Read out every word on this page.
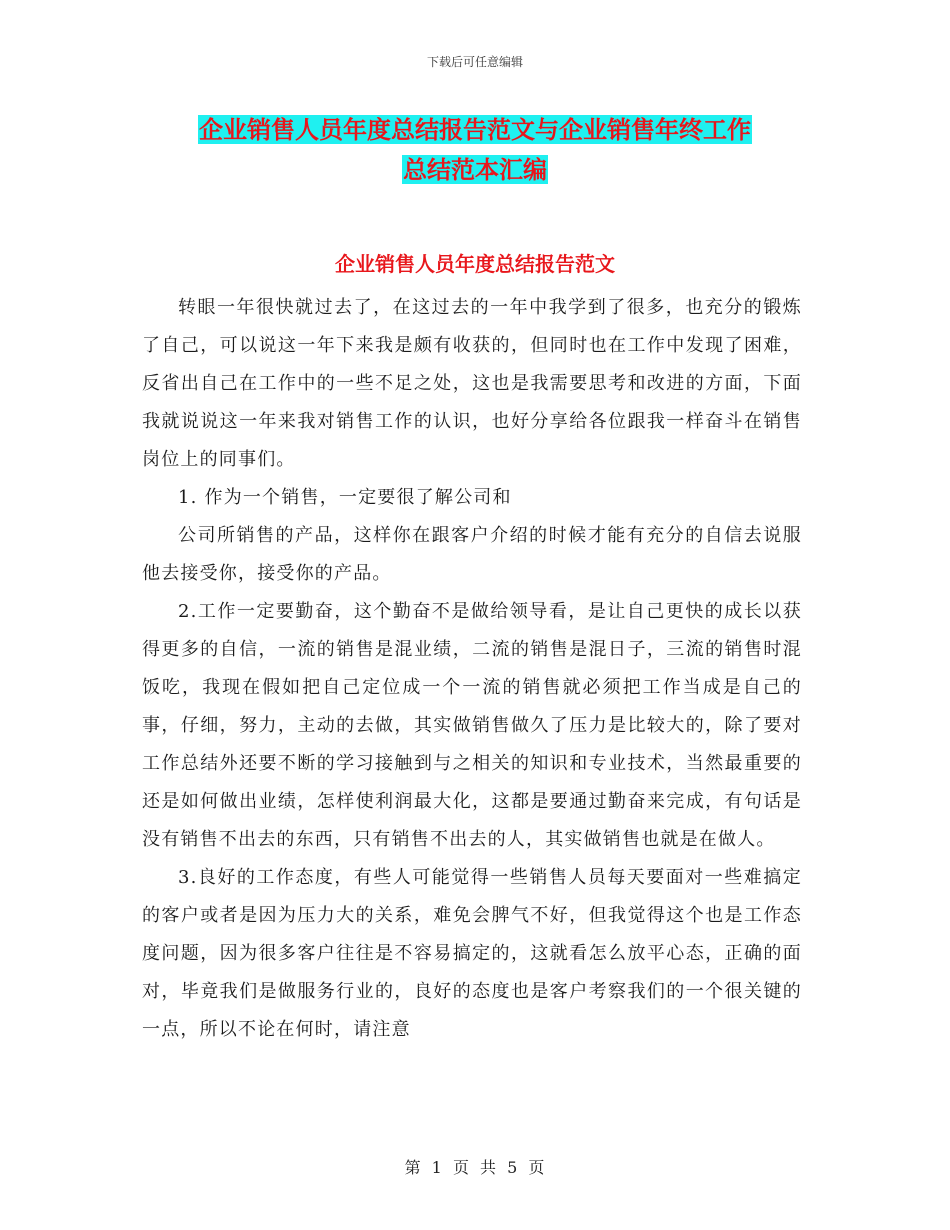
下载后可任意编辑
企业销售人员年度总结报告范文与企业销售年终工作
总结范本汇编
企业销售人员年度总结报告范文

转眼一年很快就过去了，在这过去的一年中我学到了很多，也充分的锻炼了自己，可以说这一年下来我是颇有收获的，但同时也在工作中发现了困难，反省出自己在工作中的一些不足之处，这也是我需要思考和改进的方面，下面我就说说这一年来我对销售工作的认识，也好分享给各位跟我一样奋斗在销售岗位上的同事们。

1. 作为一个销售，一定要很了解公司和

公司所销售的产品，这样你在跟客户介绍的时候才能有充分的自信去说服他去接受你，接受你的产品。

2.工作一定要勤奋，这个勤奋不是做给领导看，是让自己更快的成长以获得更多的自信，一流的销售是混业绩，二流的销售是混日子，三流的销售时混饭吃，我现在假如把自己定位成一个一流的销售就必须把工作当成是自己的事，仔细，努力，主动的去做，其实做销售做久了压力是比较大的，除了要对工作总结外还要不断的学习接触到与之相关的知识和专业技术，当然最重要的还是如何做出业绩，怎样使利润最大化，这都是要通过勤奋来完成，有句话是没有销售不出去的东西，只有销售不出去的人，其实做销售也就是在做人。

3.良好的工作态度，有些人可能觉得一些销售人员每天要面对一些难搞定的客户或者是因为压力大的关系，难免会脾气不好，但我觉得这个也是工作态度问题，因为很多客户往往是不容易搞定的，这就看怎么放平心态，正确的面对，毕竟我们是做服务行业的，良好的态度也是客户考察我们的一个很关键的一点，所以不论在何时，请注意

第 1 页 共 5 页
